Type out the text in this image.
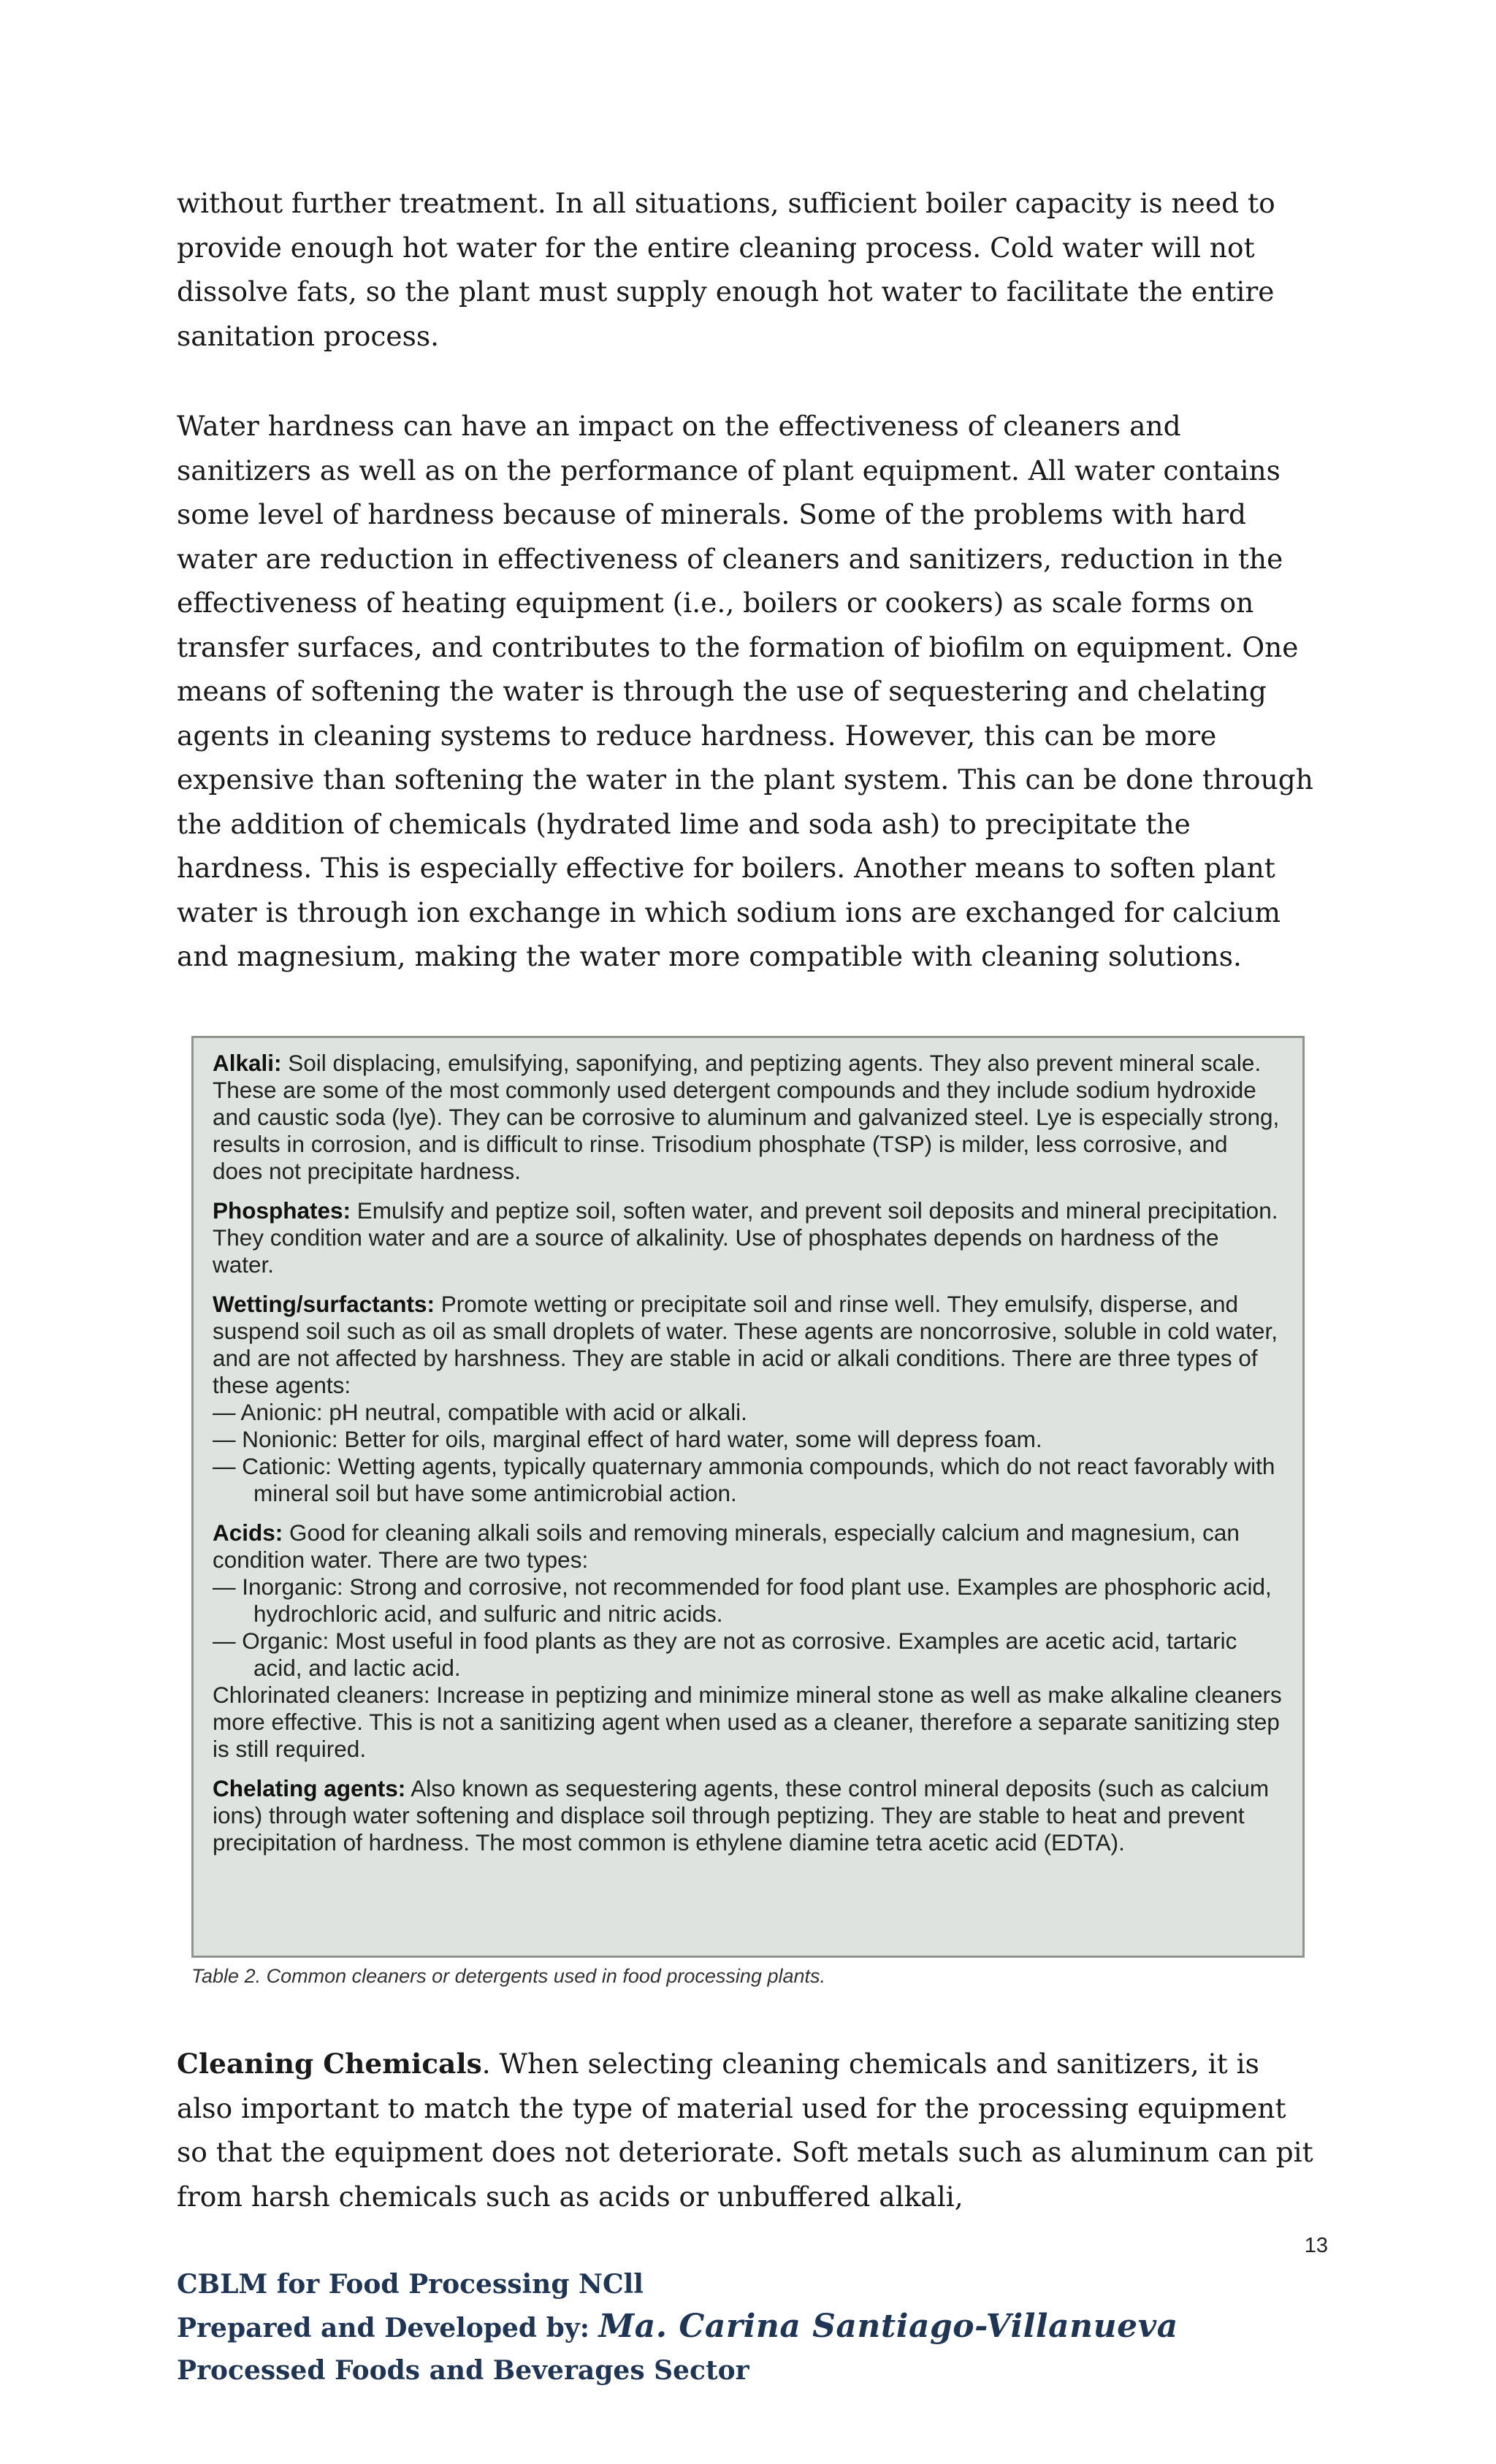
without further treatment. In all situations, sufficient boiler capacity is need to provide enough hot water for the entire cleaning process. Cold water will not dissolve fats, so the plant must supply enough hot water to facilitate the entire sanitation process.

Water hardness can have an impact on the effectiveness of cleaners and sanitizers as well as on the performance of plant equipment. All water contains some level of hardness because of minerals. Some of the problems with hard water are reduction in effectiveness of cleaners and sanitizers, reduction in the effectiveness of heating equipment (i.e., boilers or cookers) as scale forms on transfer surfaces, and contributes to the formation of biofilm on equipment. One means of softening the water is through the use of sequestering and chelating agents in cleaning systems to reduce hardness. However, this can be more expensive than softening the water in the plant system. This can be done through the addition of chemicals (hydrated lime and soda ash) to precipitate the hardness. This is especially effective for boilers. Another means to soften plant water is through ion exchange in which sodium ions are exchanged for calcium and magnesium, making the water more compatible with cleaning solutions.

Alkali: Soil displacing, emulsifying, saponifying, and peptizing agents. They also prevent mineral scale. These are some of the most commonly used detergent compounds and they include sodium hydroxide and caustic soda (lye). They can be corrosive to aluminum and galvanized steel. Lye is especially strong, results in corrosion, and is difficult to rinse. Trisodium phosphate (TSP) is milder, less corrosive, and does not precipitate hardness.

Phosphates: Emulsify and peptize soil, soften water, and prevent soil deposits and mineral precipitation. They condition water and are a source of alkalinity. Use of phosphates depends on hardness of the water.

Wetting/surfactants: Promote wetting or precipitate soil and rinse well. They emulsify, disperse, and suspend soil such as oil as small droplets of water. These agents are noncorrosive, soluble in cold water, and are not affected by harshness. They are stable in acid or alkali conditions. There are three types of these agents:

— Anionic: pH neutral, compatible with acid or alkali.

— Nonionic: Better for oils, marginal effect of hard water, some will depress foam.

— Cationic: Wetting agents, typically quaternary ammonia compounds, which do not react favorably with mineral soil but have some antimicrobial action.

Acids: Good for cleaning alkali soils and removing minerals, especially calcium and magnesium, can condition water. There are two types:

— Inorganic: Strong and corrosive, not recommended for food plant use. Examples are phosphoric acid, hydrochloric acid, and sulfuric and nitric acids.

— Organic: Most useful in food plants as they are not as corrosive. Examples are acetic acid, tartaric acid, and lactic acid.

Chlorinated cleaners: Increase in peptizing and minimize mineral stone as well as make alkaline cleaners more effective. This is not a sanitizing agent when used as a cleaner, therefore a separate sanitizing step is still required.

Chelating agents: Also known as sequestering agents, these control mineral deposits (such as calcium ions) through water softening and displace soil through peptizing. They are stable to heat and prevent precipitation of hardness. The most common is ethylene diamine tetra acetic acid (EDTA).

Table 2. Common cleaners or detergents used in food processing plants.

Cleaning Chemicals. When selecting cleaning chemicals and sanitizers, it is also important to match the type of material used for the processing equipment so that the equipment does not deteriorate. Soft metals such as aluminum can pit from harsh chemicals such as acids or unbuffered alkali,

13
CBLM for Food Processing NCll
Prepared and Developed by: Ma. Carina Santiago-Villanueva
Processed Foods and Beverages Sector
